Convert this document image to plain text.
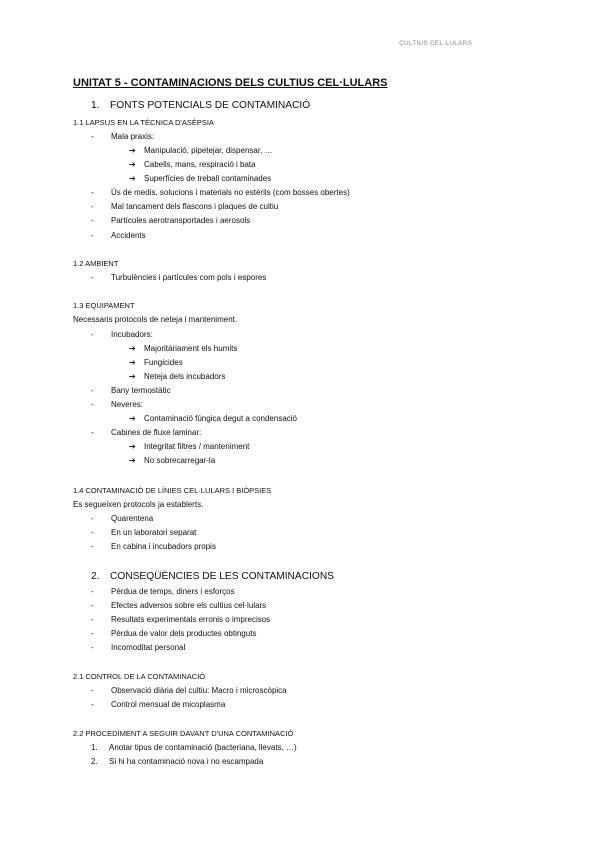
CULTIUS CEL·LULARS
UNITAT 5 - CONTAMINACIONS DELS CULTIUS CEL·LULARS
1. FONTS POTENCIALS DE CONTAMINACIÓ
1.1 LAPSUS EN LA TÈCNICA D'ASÈPSIA
- Mala praxis:
➔ Manipulació, pipetejar, dispensar, …
➔ Cabells, mans, respiració i bata
➔ Superfícies de treball contaminades
- Ús de medis, solucions i materials no estèrils (com bosses obertes)
- Mal tancament dels flascons i plaques de cultiu
- Partícules aerotransportades i aerosols
- Accidents
1.2 AMBIENT
- Turbulències i partícules com pols i espores
1.3 EQUIPAMENT
Necessaris protocols de neteja i manteniment.
- Incubadors:
➔ Majoritàriament els humits
➔ Fungicides
➔ Neteja dels incubadors
- Bany termostàtic
- Neveres:
➔ Contaminació fúngica degut a condensació
- Cabines de fluxe laminar:
➔ Integritat filtres / manteniment
➔ No sobrecarregar-la
1.4 CONTAMINACIÓ DE LÍNIES CEL·LULARS I BIÒPSIES
Es segueixen protocols ja establerts.
- Quarentena
- En un laboratori separat
- En cabina i incubadors propis
2. CONSEQÜÈNCIES DE LES CONTAMINACIONS
- Pèrdua de temps, diners i esforços
- Efectes adversos sobre els cultius cel·lulars
- Resultats experimentals erronis o imprecisos
- Pèrdua de valor dels productes obtinguts
- Incomoditat personal
2.1 CONTROL DE LA CONTAMINACIÓ
- Observació diària del cultiu: Macro i microscòpica
- Control mensual de micoplasma
2.2 PROCEDIMENT A SEGUIR DAVANT D'UNA CONTAMINACIÓ
1. Anotar tipus de contaminació (bacteriana, llevats, …)
2. Si hi ha contaminació nova i no escampada
